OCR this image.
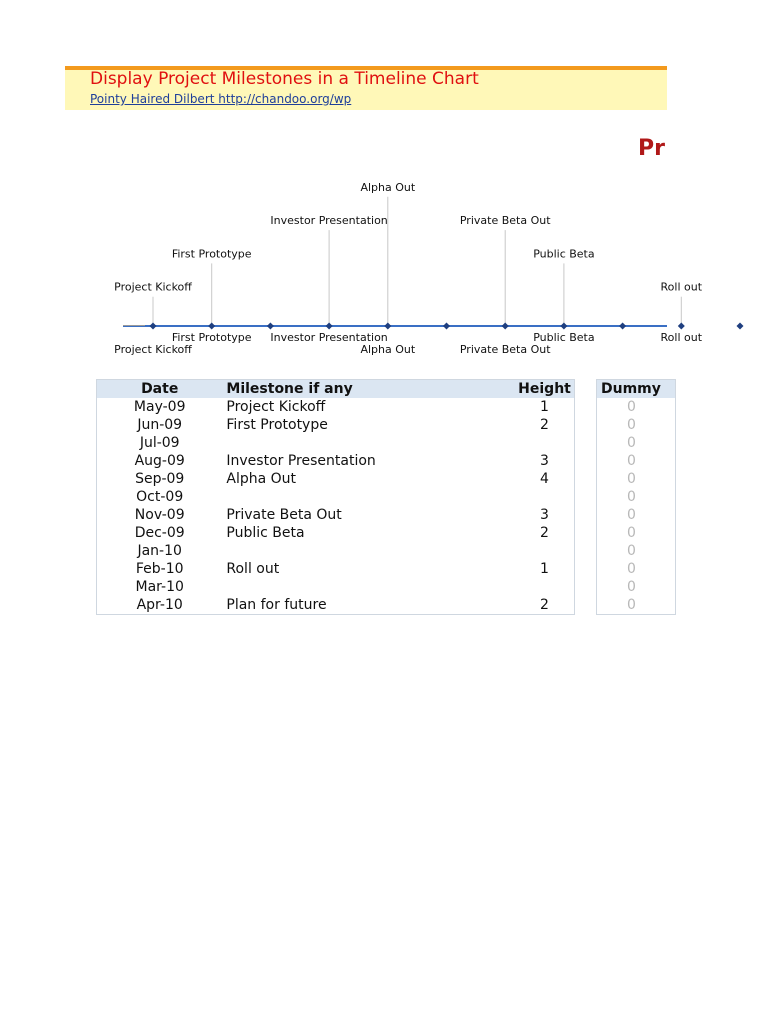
Display Project Milestones in a Timeline Chart
Pointy Haired Dilbert http://chandoo.org/wp
Pr
Project Kickoff
First Prototype
Investor Presentation
Alpha Out
Private Beta Out
Public Beta
Roll out
Project Kickoff
First Prototype Investor Presentation
Alpha Out	Private Beta Out
Public Beta	Roll out
Date	Milestone if any	Height
May-09	Project Kickoff	1
Jun-09	First Prototype	2
Jul-09		
Aug-09	Investor Presentation	3
Sep-09	Alpha Out	4
Oct-09		
Nov-09	Private Beta Out	3
Dec-09	Public Beta	2
Jan-10		
Feb-10	Roll out	1
Mar-10		
Apr-10	Plan for future	2
Dummy
0
0
0
0
0
0
0
0
0
0
0
0
